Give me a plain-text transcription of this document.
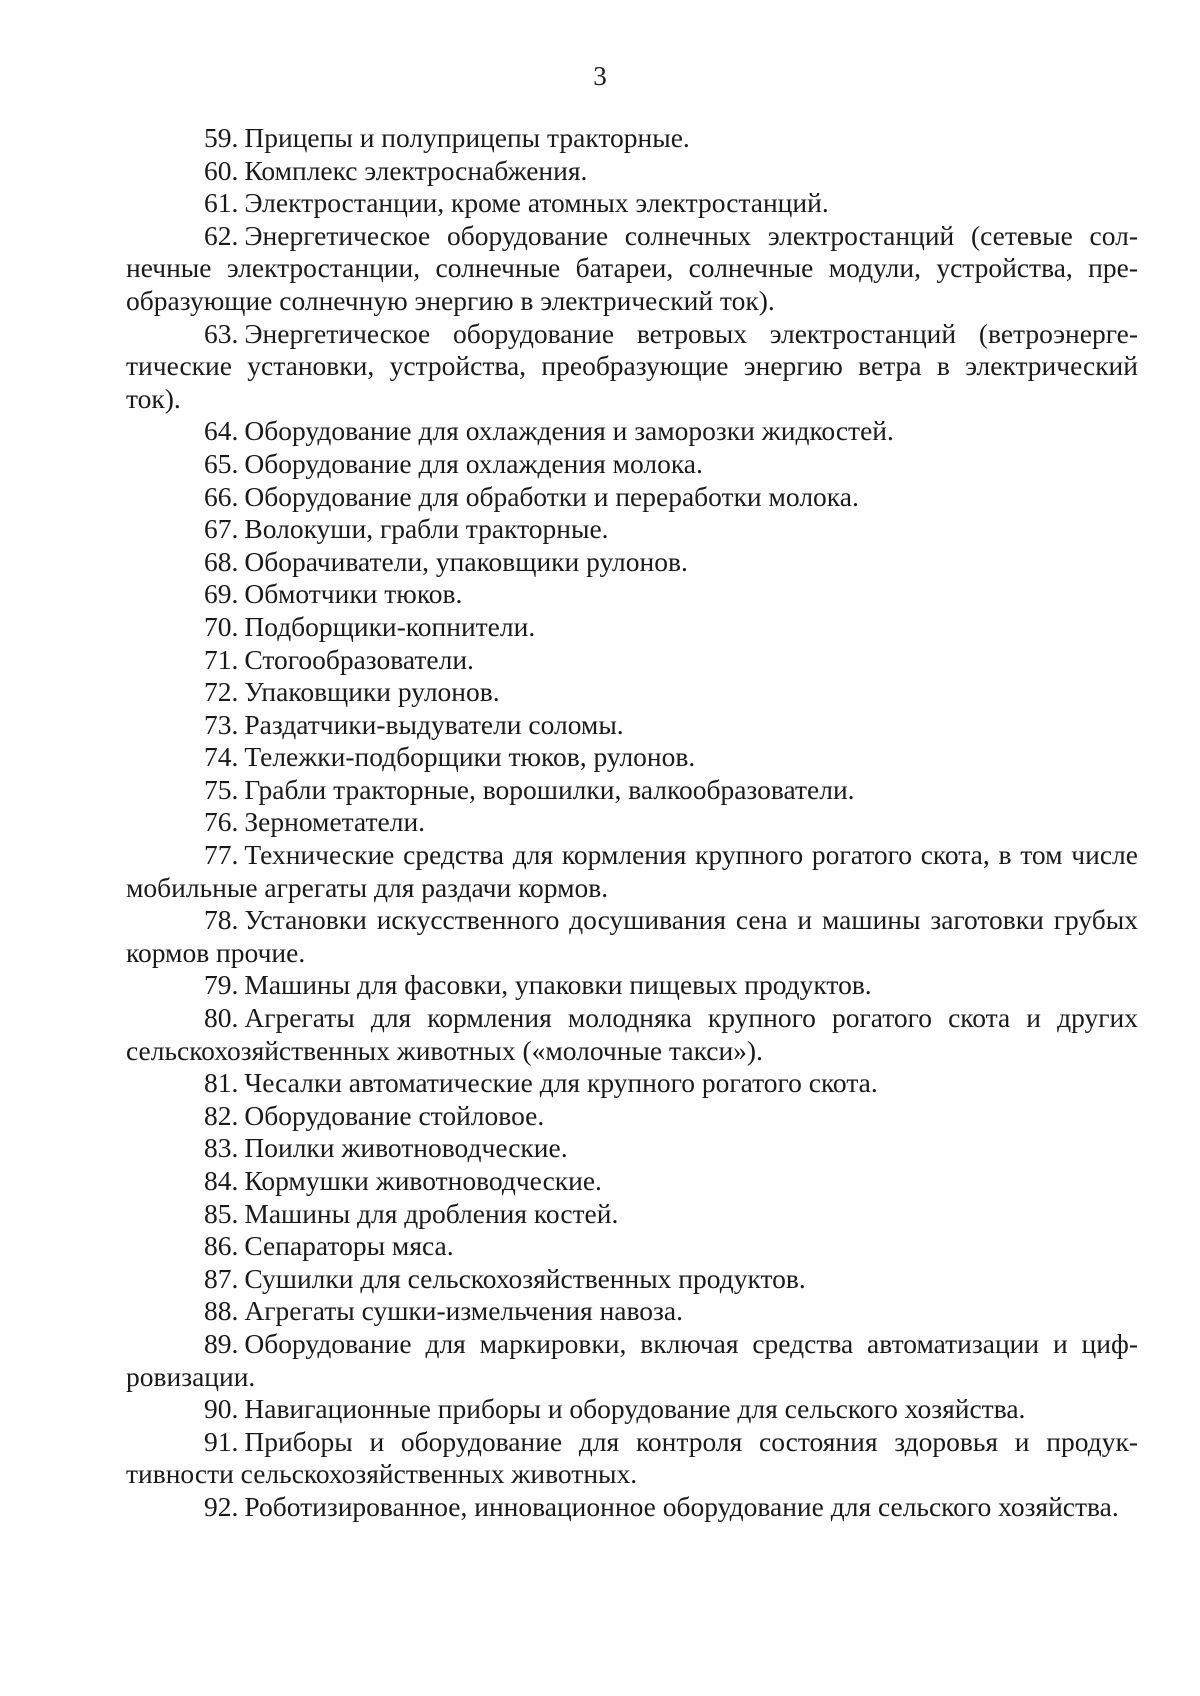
3

59. Прицепы и полуприцепы тракторные.

60. Комплекс электроснабжения.

61. Электростанции, кроме атомных электростанций.

62. Энергетическое оборудование солнечных электростанций (сетевые солнечные электростанции, солнечные батареи, солнечные модули, устройства, преобразующие солнечную энергию в электрический ток).

63. Энергетическое оборудование ветровых электростанций (ветроэнергетические установки, устройства, преобразующие энергию ветра в электрический ток).

64. Оборудование для охлаждения и заморозки жидкостей.

65. Оборудование для охлаждения молока.

66. Оборудование для обработки и переработки молока.

67. Волокуши, грабли тракторные.

68. Оборачиватели, упаковщики рулонов.

69. Обмотчики тюков.

70. Подборщики-копнители.

71. Стогообразователи.

72. Упаковщики рулонов.

73. Раздатчики-выдуватели соломы.

74. Тележки-подборщики тюков, рулонов.

75. Грабли тракторные, ворошилки, валкообразователи.

76. Зернометатели.

77. Технические средства для кормления крупного рогатого скота, в том числе мобильные агрегаты для раздачи кормов.

78. Установки искусственного досушивания сена и машины заготовки грубых кормов прочие.

79. Машины для фасовки, упаковки пищевых продуктов.

80. Агрегаты для кормления молодняка крупного рогатого скота и других сельскохозяйственных животных («молочные такси»).

81. Чесалки автоматические для крупного рогатого скота.

82. Оборудование стойловое.

83. Поилки животноводческие.

84. Кормушки животноводческие.

85. Машины для дробления костей.

86. Сепараторы мяса.

87. Сушилки для сельскохозяйственных продуктов.

88. Агрегаты сушки-измельчения навоза.

89. Оборудование для маркировки, включая средства автоматизации и цифровизации.

90. Навигационные приборы и оборудование для сельского хозяйства.

91. Приборы и оборудование для контроля состояния здоровья и продуктивности сельскохозяйственных животных.

92. Роботизированное, инновационное оборудование для сельского хозяйства.
